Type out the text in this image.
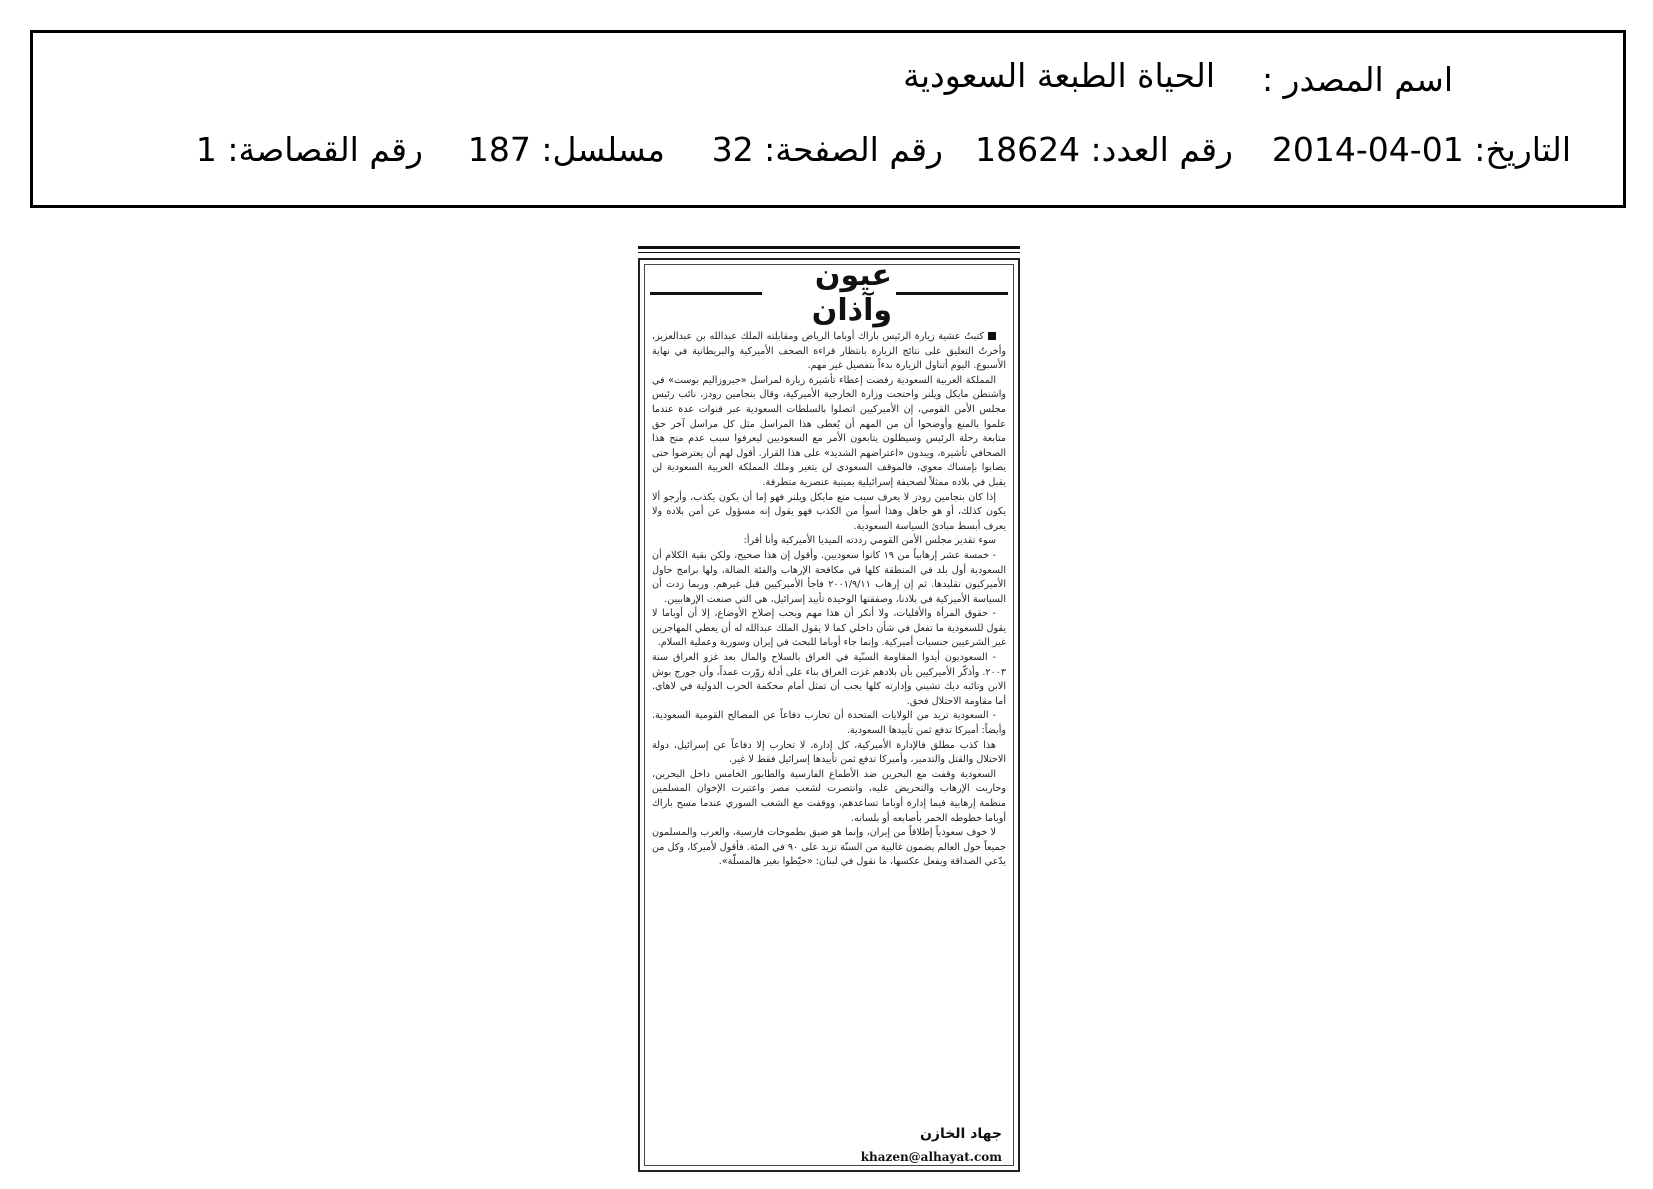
اسم المصدر :
الحياة الطبعة السعودية
التاريخ: 01-04-2014
رقم العدد: 18624
رقم الصفحة: 32
مسلسل: 187
رقم القصاصة: 1
عيون وآذان

كتبتُ عشية زيارة الرئيس باراك أوباما الرياض ومقابلته الملك عبدالله بن عبدالعزيز، وأخرتُ التعليق على نتائج الزيارة بانتظار قراءة الصحف الأميركية والبريطانية في نهاية الأسبوع. اليوم أتناول الزيارة بدءاً بتفصيل غير مهم.

المملكة العربية السعودية رفضت إعطاء تأشيرة زيارة لمراسل «جيروزاليم بوست» في واشنطن مايكل ويلنر واحتجت وزارة الخارجية الأميركية، وقال بنجامين رودز، نائب رئيس مجلس الأمن القومي، إن الأميركيين اتصلوا بالسلطات السعودية عبر قنوات عدة عندما علموا بالمنع وأوضحوا أن من المهم أن يُعطى هذا المراسل مثل كل مراسل آخر حق متابعة رحلة الرئيس وسيظلون يتابعون الأمر مع السعوديين ليعرفوا سبب عدم منح هذا الصحافي تأشيرة، ويبدون «اعتراضهم الشديد» على هذا القرار. أقول لهم أن يعترضوا حتى يصابوا بإمساك معوي، فالموقف السعودي لن يتغير وملك المملكة العربية السعودية لن يقبل في بلاده ممثلاً لصحيفة إسرائيلية يمينية عنصرية متطرفة.

إذا كان بنجامين رودز لا يعرف سبب منع مايكل ويلنر فهو إما أن يكون يكذب، وأرجو ألا يكون كذلك، أو هو جاهل وهذا أسوأ من الكذب فهو يقول إنه مسؤول عن أمن بلاده ولا يعرف أبسط مبادئ السياسة السعودية.

سوء تقدير مجلس الأمن القومي رددته الميديا الأميركية وأنا أقرأ:

- خمسة عشر إرهابياً من ١٩ كانوا سعوديين. وأقول إن هذا صحيح، ولكن بقية الكلام أن السعودية أول بلد في المنطقة كلها في مكافحة الإرهاب والفئة الضالة، ولها برامج حاول الأميركيون تقليدها. ثم إن إرهاب ٢٠٠١/٩/١١ فاجأ الأميركيين قبل غيرهم. وربما زدت أن السياسة الأميركية في بلادنا، وصفقتها الوحيدة تأييد إسرائيل، هي التي صنعت الإرهابيين.

- حقوق المرأة والأقليات، ولا أنكر أن هذا مهم ويجب إصلاح الأوضاع، إلا أن أوباما لا يقول للسعودية ما تفعل في شأن داخلي كما لا يقول الملك عبدالله له أن يعطي المهاجرين غير الشرعيين جنسيات أميركية. وإنما جاء أوباما للبحث في إيران وسورية وعملية السلام.

- السعوديون أيدوا المقاومة السنّية في العراق بالسلاح والمال بعد غزو العراق سنة ٢٠٠٣. وأذكّر الأميركيين بأن بلادهم غزت العراق بناء على أدلة زوّرت عمداً، وأن جورج بوش الابن ونائبه ديك تشيني وإدارته كلها يجب أن تمثل أمام محكمة الحرب الدولية في لاهاي. أما مقاومة الاحتلال فحق.

- السعودية تريد من الولايات المتحدة أن تحارب دفاعاً عن المصالح القومية السعودية. وأيضاً: أميركا تدفع ثمن تأييدها السعودية.

هذا كذب مطلق فالإدارة الأميركية، كل إدارة، لا تحارب إلا دفاعاً عن إسرائيل، دولة الاحتلال والقتل والتدمير، وأميركا تدفع ثمن تأييدها إسرائيل فقط لا غير.

السعودية وقفت مع البحرين ضد الأطماع الفارسية والطابور الخامس داخل البحرين، وحاربت الإرهاب والتحريض عليه، وانتصرت لشعب مصر واعتبرت الإخوان المسلمين منظمة إرهابية فيما إدارة أوباما تساعدهم، ووقفت مع الشعب السوري عندما مسح باراك أوباما خطوطه الحمر بأصابعه أو بلسانه.

لا خوف سعودياً إطلاقاً من إيران، وإنما هو ضيق بطموحات فارسية، والعرب والمسلمون جميعاً حول العالم يضمون غالبية من السنّة تزيد على ٩٠ في المئة. فأقول لأميركا، وكل من يدّعي الصداقة ويفعل عكسها، ما نقول في لبنان: «خيّطوا بغير هالمسلّة».

جهاد الخازن
khazen@alhayat.com
